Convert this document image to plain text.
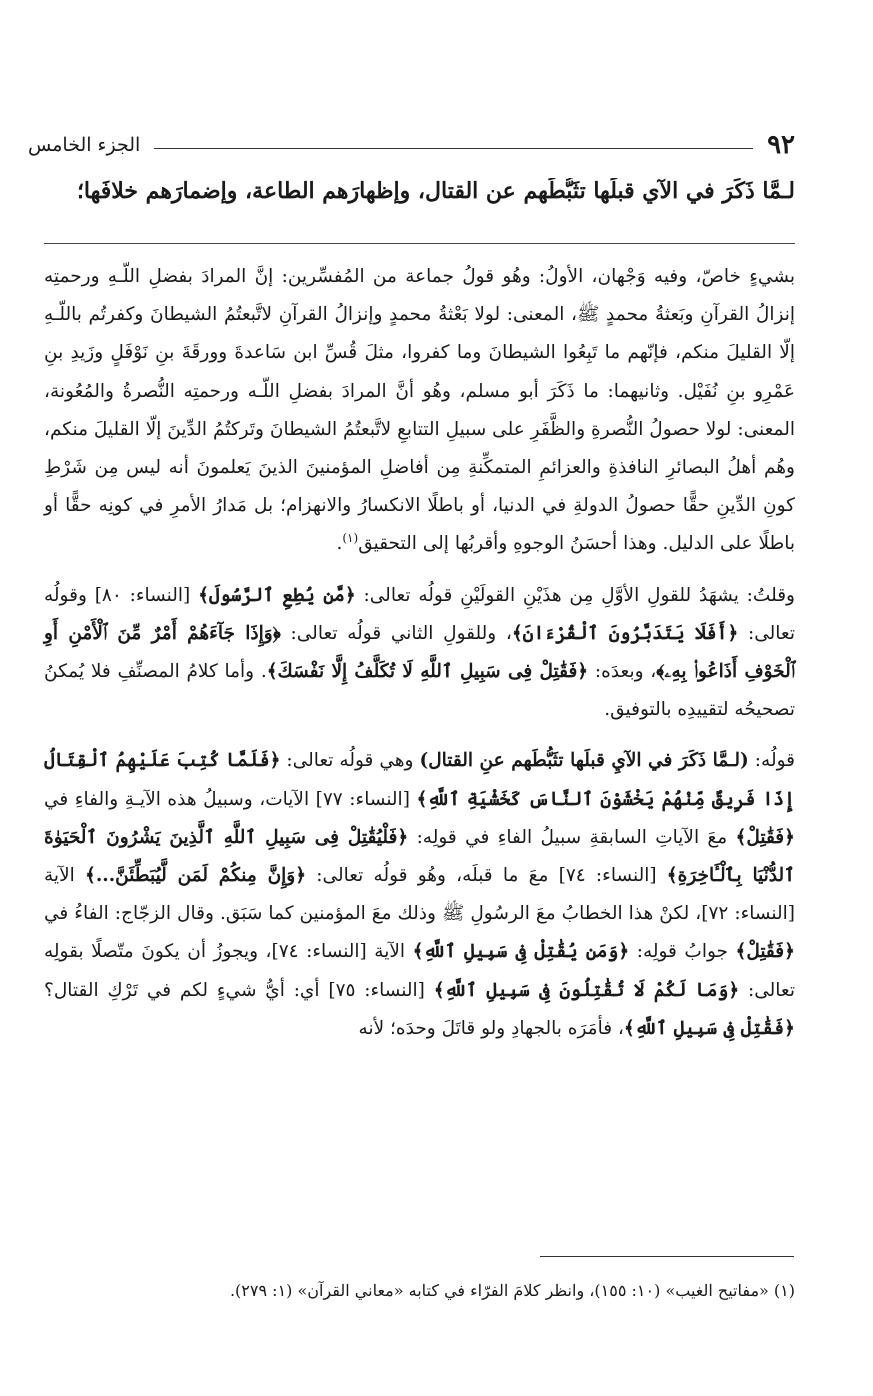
٩٢
الجزء الخامس
لـمَّا ذَكَرَ في الآيِ قبلَها تثَبُّطَهم عن القتال، وإظهارَهم الطاعة، وإضمارَهم خلافَها؛

بشيءٍ خاصّ، وفيه وَجْهان، الأولُ: وهُو قولُ جماعة من المُفسِّرين: إنَّ المرادَ بفضلِ اللّـهِ ورحمتِه إنزالُ القرآنِ وبَعثةُ محمدٍ ﷺ، المعنى: لولا بَعْثةُ محمدٍ وإنزالُ القرآنِ لاتَّبعتُمُ الشيطانَ وكفرتُم باللّـهِ إلّا القليلَ منكم، فإنّهم ما تَبِعُوا الشيطانَ وما كفروا، مثلَ قُسِّ ابن سَاعدةَ وورقَةَ بنِ نَوْفَلٍ وزَيدِ بنِ عَمْرِو بنِ نُفَيْل. وثانيهما: ما ذَكَرَ أبو مسلم، وهُو أنَّ المرادَ بفضلِ اللّـه ورحمتِه النُّصرةُ والمُعُونة، المعنى: لولا حصولُ النُّصرةِ والظَّفَرِ على سبيلِ التتابعِ لاتَّبعتُمُ الشيطانَ وتَركتُمُ الدِّينَ إلّا القليلَ منكم، وهُم أهلُ البصائرِ النافذةِ والعزائمِ المتمكِّنةِ مِن أفاضلِ المؤمنينَ الذينَ يَعلمونَ أنه ليس مِن شَرْطِ كونِ الدِّينِ حقًّا حصولُ الدولةِ في الدنيا، أو باطلًا الانكسارُ والانهزام؛ بل مَدارُ الأمرِ في كونِه حقًّا أو باطلًا على الدليل. وهذا أحسَنُ الوجوهِ وأقربُها إلى التحقيق$^{(١)}$.

وقلتُ: يشهَدُ للقولِ الأوَّلِ مِن هذَيْنِ القولَيْنِ قولُه تعالى: ﴿مَّن يُطِعِ ٱلرَّسُولَ﴾ [النساء: ٨٠] وقولُه تعالى: ﴿أَفَلَا يَتَدَبَّرُونَ ٱلْقُرْءَانَ﴾، وللقولِ الثاني قولُه تعالى: ﴿وَإِذَا جَآءَهُمْ أَمْرٌ مِّنَ ٱلْأَمْنِ أَوِ ٱلْخَوْفِ أَذَاعُوا۟ بِهِۦ﴾، وبعدَه: ﴿فَقَٰتِلْ فِى سَبِيلِ ٱللَّهِ لَا تُكَلَّفُ إِلَّا نَفْسَكَ﴾. وأما كلامُ المصنِّفِ فلا يُمكنُ تصحيحُه لتقييدِه بالتوفيق.

قولُه: (لـمَّا ذَكَرَ في الآيِ قبلَها تثَبُّطَهم عنِ القتال) وهي قولُه تعالى: ﴿فَلَمَّا كُتِبَ عَلَيْهِمُ ٱلْقِتَالُ إِذَا فَرِيقٌ مِّنْهُمْ يَخْشَوْنَ ٱلنَّاسَ كَخَشْيَةِ ٱللَّهِ﴾ [النساء: ٧٧] الآيات، وسبيلُ هذه الآيـةِ والفاءِ في ﴿فَقَٰتِلْ﴾ معَ الآياتِ السابقةِ سبيلُ الفاءِ في قولِه: ﴿فَلْيُقَٰتِلْ فِى سَبِيلِ ٱللَّهِ ٱلَّذِينَ يَشْرُونَ ٱلْحَيَوٰةَ ٱلدُّنْيَا بِٱلْـَٔاخِرَةِ﴾ [النساء: ٧٤] معَ ما قبلَه، وهُو قولُه تعالى: ﴿وَإِنَّ مِنكُمْ لَمَن لَّيُبَطِّئَنَّ...﴾ الآية [النساء: ٧٢]، لكنْ هذا الخطابُ معَ الرسُولِ ﷺ وذلك معَ المؤمنين كما سَبَق. وقال الزجّاج: الفاءُ في ﴿فَقَٰتِلْ﴾ جوابُ قولِه: ﴿وَمَن يُقَٰتِلْ فِى سَبِيلِ ٱللَّهِ﴾ الآية [النساء: ٧٤]، ويجوزُ أن يكونَ متّصلًا بقولِه تعالى: ﴿وَمَا لَكُمْ لَا تُقَٰتِلُونَ فِى سَبِيلِ ٱللَّهِ﴾ [النساء: ٧٥] أي: أيُّ شيءٍ لكم في تَرْكِ القتال؟ ﴿فَقَٰتِلْ فِى سَبِيلِ ٱللَّهِ﴾، فأمَرَه بالجهادِ ولو قاتَلَ وحدَه؛ لأنه

(١) «مفاتيح الغيب» (١٠: ١٥٥)، وانظر كلامَ الفرّاء في كتابه «معاني القرآن» (١: ٢٧٩).
